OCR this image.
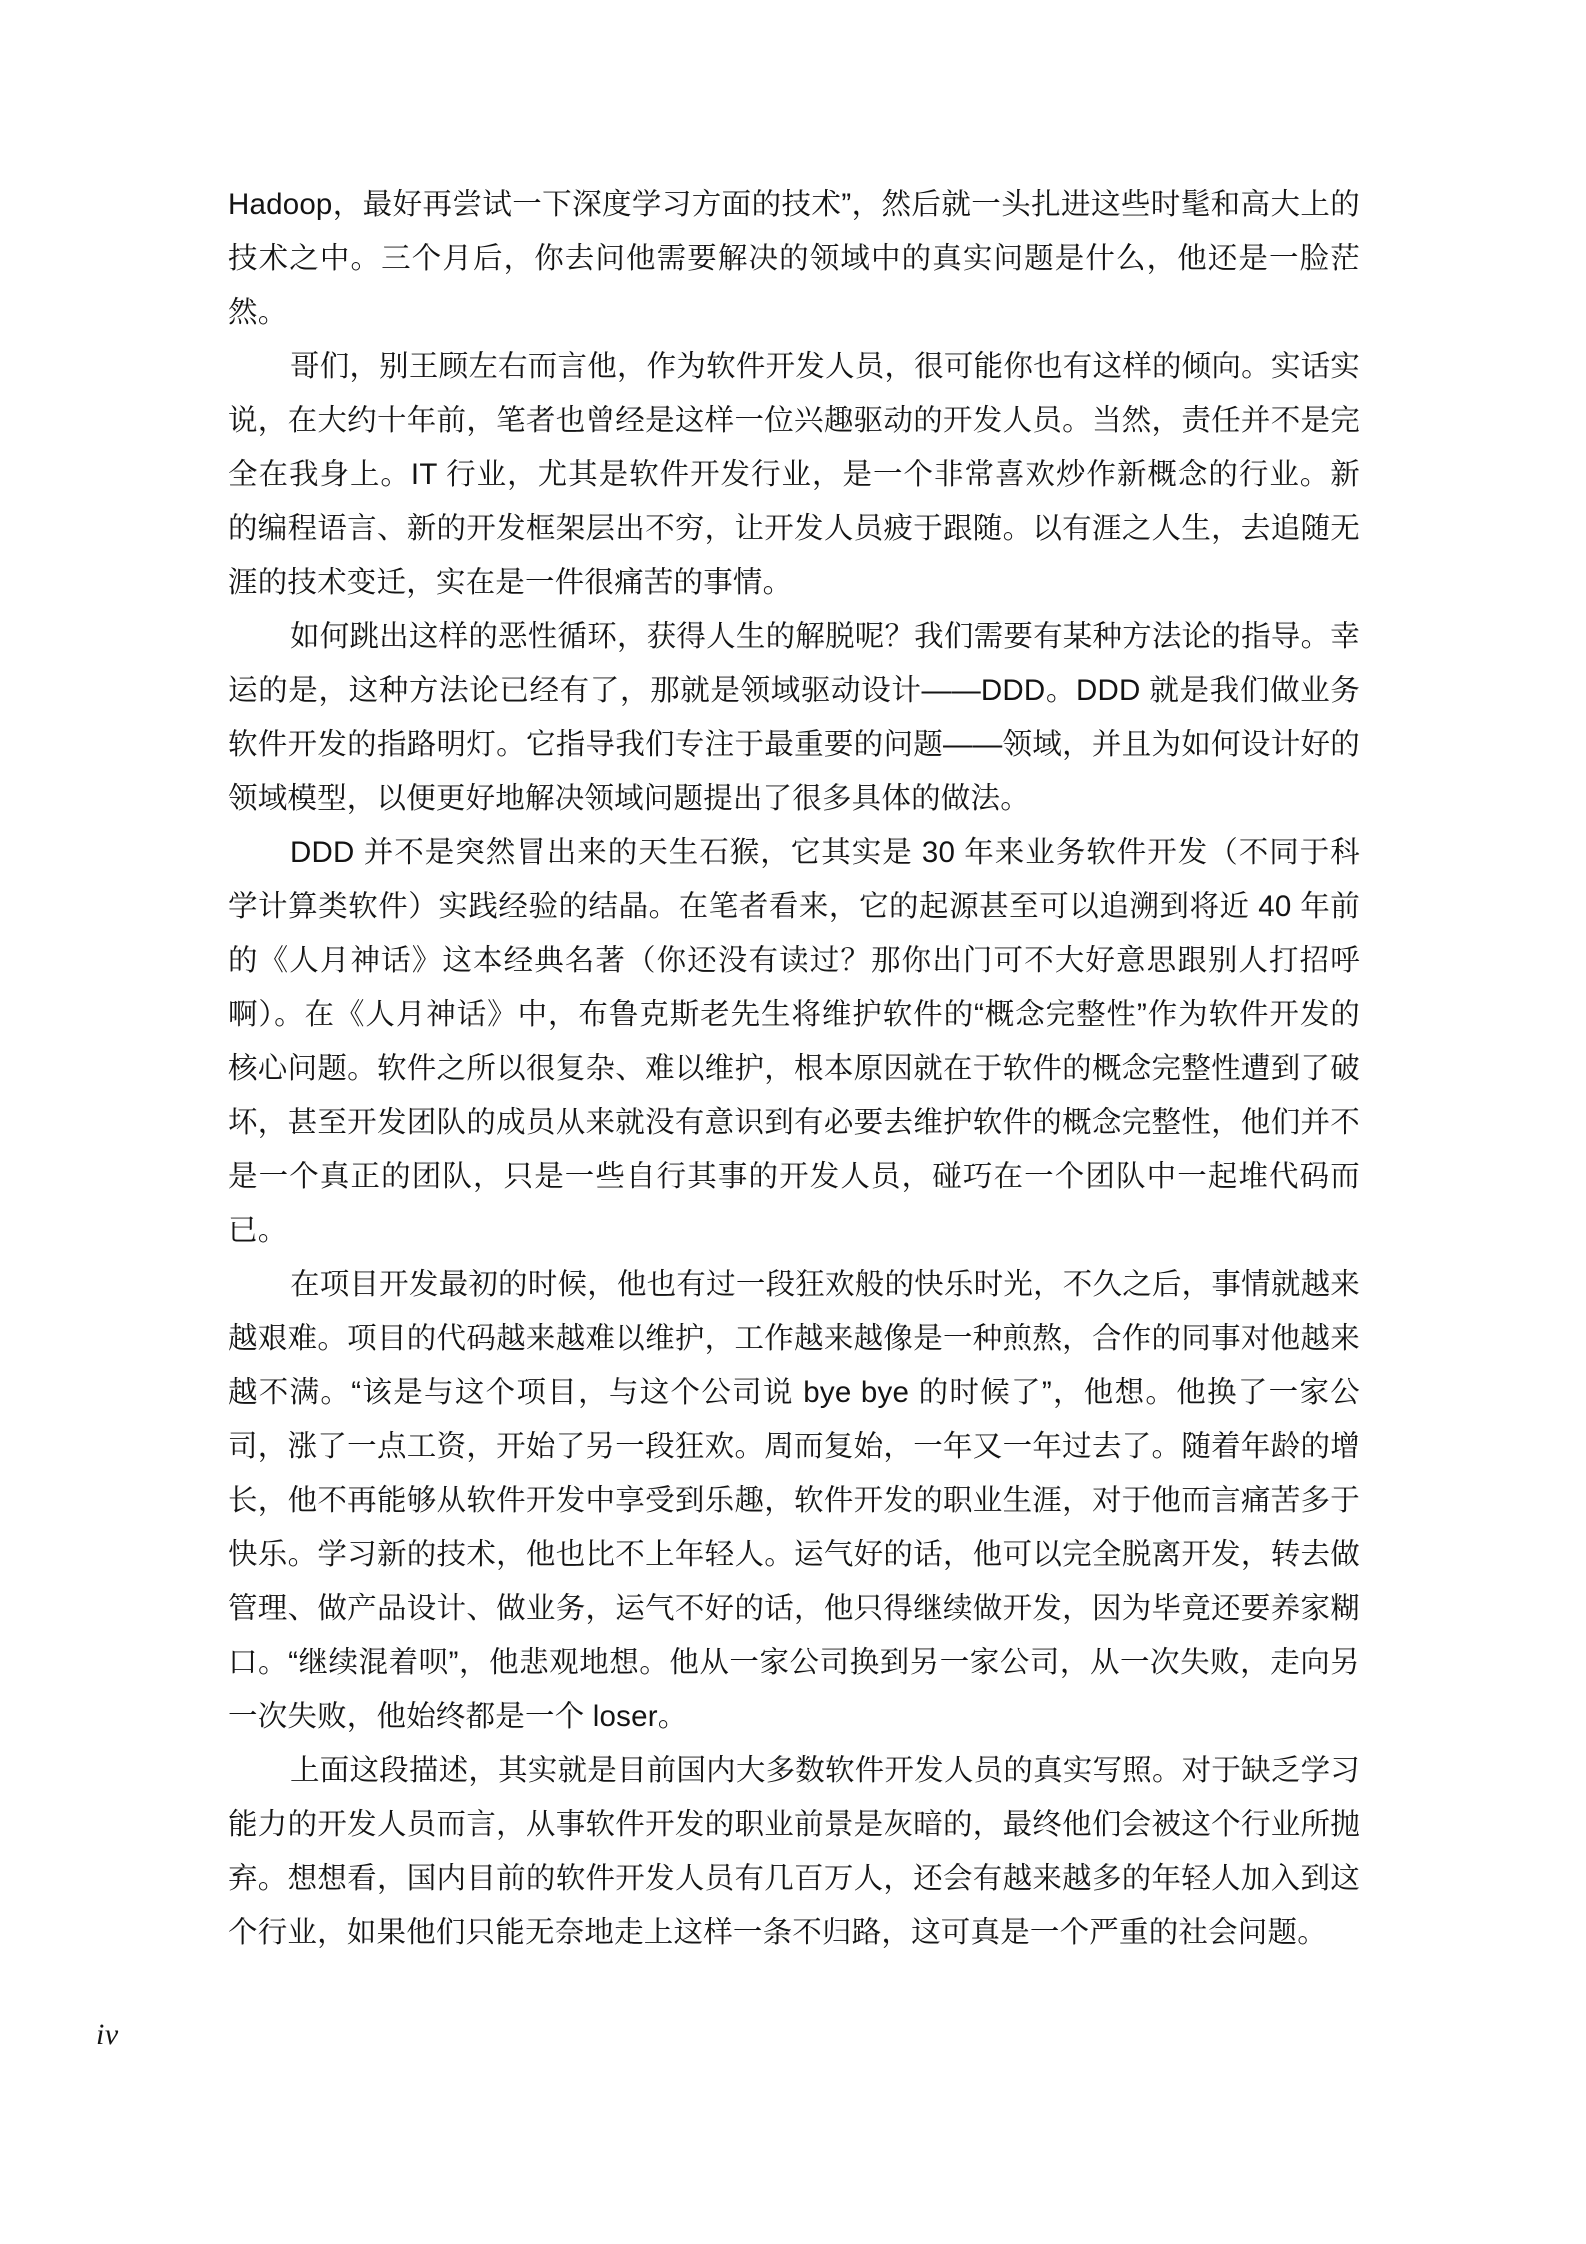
Hadoop，最好再尝试一下深度学习方面的技术”，然后就一头扎进这些时髦和高大上的技术之中。三个月后，你去问他需要解决的领域中的真实问题是什么，他还是一脸茫然。

哥们，别王顾左右而言他，作为软件开发人员，很可能你也有这样的倾向。实话实说，在大约十年前，笔者也曾经是这样一位兴趣驱动的开发人员。当然，责任并不是完全在我身上。IT 行业，尤其是软件开发行业，是一个非常喜欢炒作新概念的行业。新的编程语言、新的开发框架层出不穷，让开发人员疲于跟随。以有涯之人生，去追随无涯的技术变迁，实在是一件很痛苦的事情。

如何跳出这样的恶性循环，获得人生的解脱呢？我们需要有某种方法论的指导。幸运的是，这种方法论已经有了，那就是领域驱动设计——DDD。DDD 就是我们做业务软件开发的指路明灯。它指导我们专注于最重要的问题——领域，并且为如何设计好的领域模型，以便更好地解决领域问题提出了很多具体的做法。

DDD 并不是突然冒出来的天生石猴，它其实是 30 年来业务软件开发（不同于科学计算类软件）实践经验的结晶。在笔者看来，它的起源甚至可以追溯到将近 40 年前的《人月神话》这本经典名著（你还没有读过？那你出门可不大好意思跟别人打招呼啊）。在《人月神话》中，布鲁克斯老先生将维护软件的“概念完整性”作为软件开发的核心问题。软件之所以很复杂、难以维护，根本原因就在于软件的概念完整性遭到了破坏，甚至开发团队的成员从来就没有意识到有必要去维护软件的概念完整性，他们并不是一个真正的团队，只是一些自行其事的开发人员，碰巧在一个团队中一起堆代码而已。

在项目开发最初的时候，他也有过一段狂欢般的快乐时光，不久之后，事情就越来越艰难。项目的代码越来越难以维护，工作越来越像是一种煎熬，合作的同事对他越来越不满。“该是与这个项目，与这个公司说 bye bye 的时候了”，他想。他换了一家公司，涨了一点工资，开始了另一段狂欢。周而复始，一年又一年过去了。随着年龄的增长，他不再能够从软件开发中享受到乐趣，软件开发的职业生涯，对于他而言痛苦多于快乐。学习新的技术，他也比不上年轻人。运气好的话，他可以完全脱离开发，转去做管理、做产品设计、做业务，运气不好的话，他只得继续做开发，因为毕竟还要养家糊口。“继续混着呗”，他悲观地想。他从一家公司换到另一家公司，从一次失败，走向另一次失败，他始终都是一个 loser。

上面这段描述，其实就是目前国内大多数软件开发人员的真实写照。对于缺乏学习能力的开发人员而言，从事软件开发的职业前景是灰暗的，最终他们会被这个行业所抛弃。想想看，国内目前的软件开发人员有几百万人，还会有越来越多的年轻人加入到这个行业，如果他们只能无奈地走上这样一条不归路，这可真是一个严重的社会问题。

iv
